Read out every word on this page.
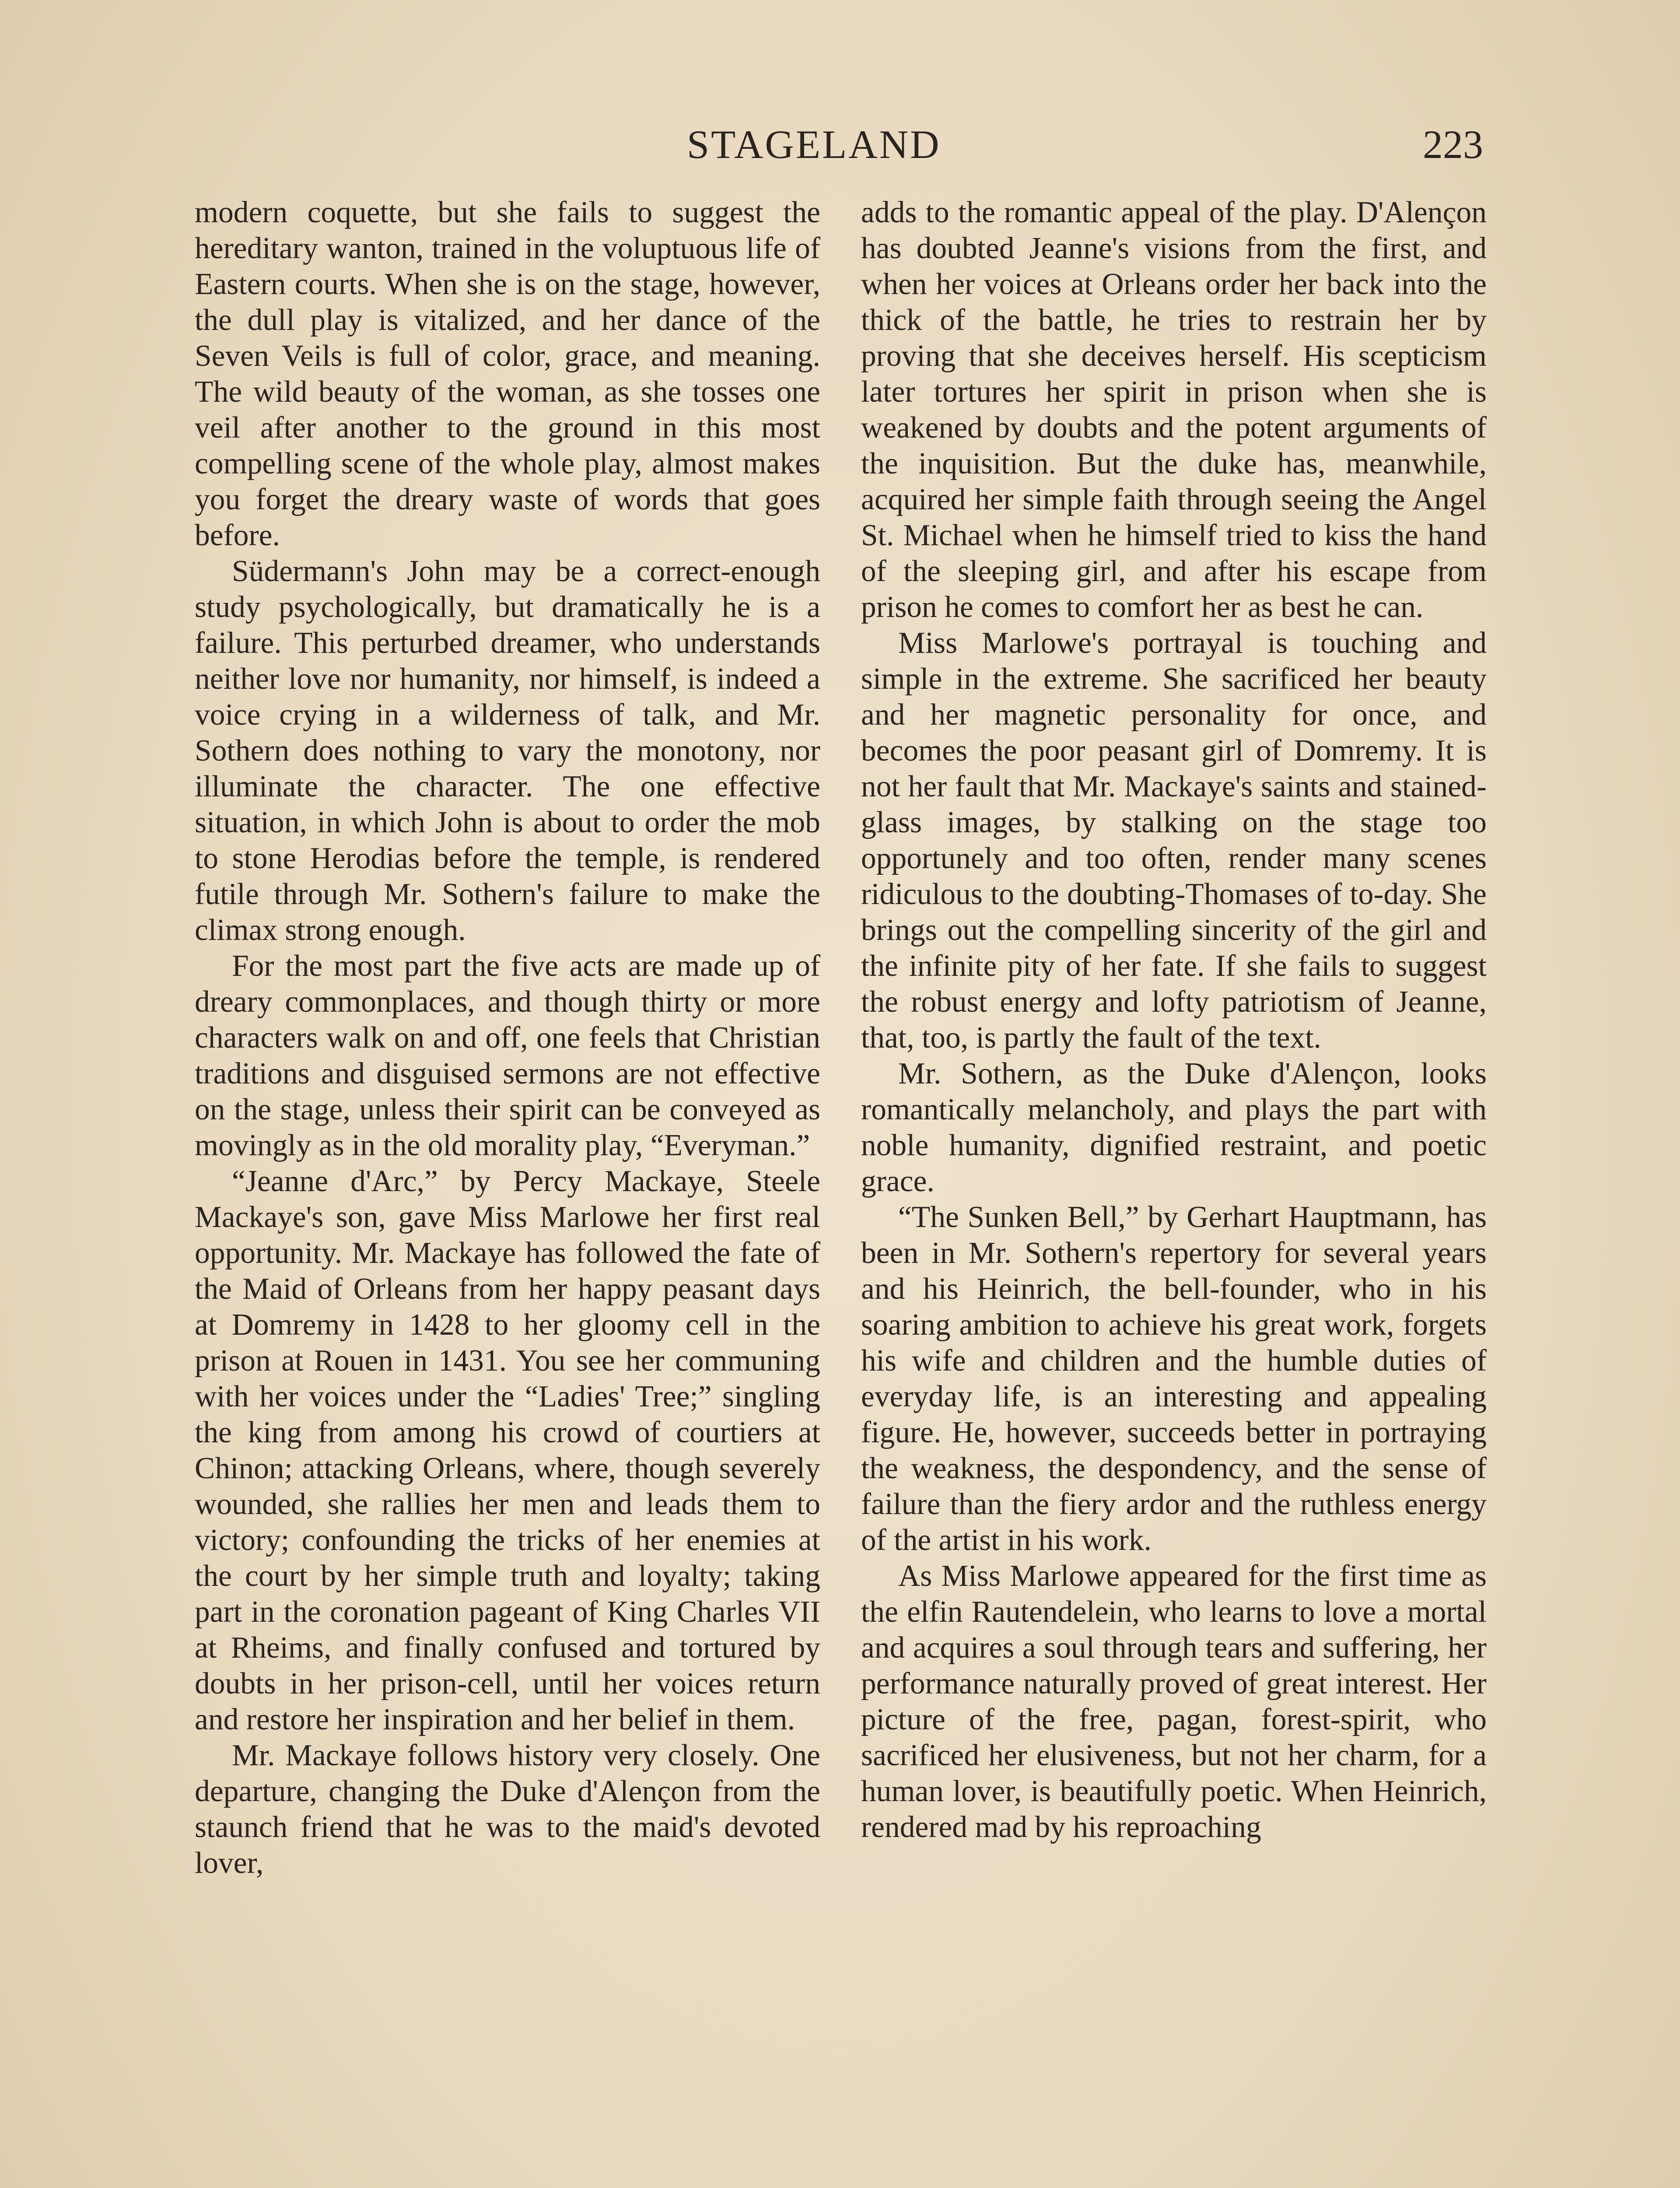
STAGELAND	223

modern coquette, but she fails to suggest the hereditary wanton, trained in the voluptuous life of Eastern courts. When she is on the stage, however, the dull play is vitalized, and her dance of the Seven Veils is full of color, grace, and meaning. The wild beauty of the woman, as she tosses one veil after another to the ground in this most compelling scene of the whole play, almost makes you forget the dreary waste of words that goes before.

Südermann's John may be a correct-enough study psychologically, but dramatically he is a failure. This perturbed dreamer, who understands neither love nor humanity, nor himself, is indeed a voice crying in a wilderness of talk, and Mr. Sothern does nothing to vary the monotony, nor illuminate the character. The one effective situation, in which John is about to order the mob to stone Herodias before the temple, is rendered futile through Mr. Sothern's failure to make the climax strong enough.

For the most part the five acts are made up of dreary commonplaces, and though thirty or more characters walk on and off, one feels that Christian traditions and disguised sermons are not effective on the stage, unless their spirit can be conveyed as movingly as in the old morality play, “Everyman.”

“Jeanne d'Arc,” by Percy Mackaye, Steele Mackaye's son, gave Miss Marlowe her first real opportunity. Mr. Mackaye has followed the fate of the Maid of Orleans from her happy peasant days at Domremy in 1428 to her gloomy cell in the prison at Rouen in 1431. You see her communing with her voices under the “Ladies' Tree;” singling the king from among his crowd of courtiers at Chinon; attacking Orleans, where, though severely wounded, she rallies her men and leads them to victory; confounding the tricks of her enemies at the court by her simple truth and loyalty; taking part in the coronation pageant of King Charles VII at Rheims, and finally confused and tortured by doubts in her prison-cell, until her voices return and restore her inspiration and her belief in them.

Mr. Mackaye follows history very closely. One departure, changing the Duke d'Alençon from the staunch friend that he was to the maid's devoted lover,

adds to the romantic appeal of the play. D'Alençon has doubted Jeanne's visions from the first, and when her voices at Orleans order her back into the thick of the battle, he tries to restrain her by proving that she deceives herself. His scepticism later tortures her spirit in prison when she is weakened by doubts and the potent arguments of the inquisition. But the duke has, meanwhile, acquired her simple faith through seeing the Angel St. Michael when he himself tried to kiss the hand of the sleeping girl, and after his escape from prison he comes to comfort her as best he can.

Miss Marlowe's portrayal is touching and simple in the extreme. She sacrificed her beauty and her magnetic personality for once, and becomes the poor peasant girl of Domremy. It is not her fault that Mr. Mackaye's saints and stained-glass images, by stalking on the stage too opportunely and too often, render many scenes ridiculous to the doubting-Thomases of to-day. She brings out the compelling sincerity of the girl and the infinite pity of her fate. If she fails to suggest the robust energy and lofty patriotism of Jeanne, that, too, is partly the fault of the text.

Mr. Sothern, as the Duke d'Alençon, looks romantically melancholy, and plays the part with noble humanity, dignified restraint, and poetic grace.

“The Sunken Bell,” by Gerhart Hauptmann, has been in Mr. Sothern's repertory for several years and his Heinrich, the bell-founder, who in his soaring ambition to achieve his great work, forgets his wife and children and the humble duties of everyday life, is an interesting and appealing figure. He, however, succeeds better in portraying the weakness, the despondency, and the sense of failure than the fiery ardor and the ruthless energy of the artist in his work.

As Miss Marlowe appeared for the first time as the elfin Rautendelein, who learns to love a mortal and acquires a soul through tears and suffering, her performance naturally proved of great interest. Her picture of the free, pagan, forest-spirit, who sacrificed her elusiveness, but not her charm, for a human lover, is beautifully poetic. When Heinrich, rendered mad by his reproaching
